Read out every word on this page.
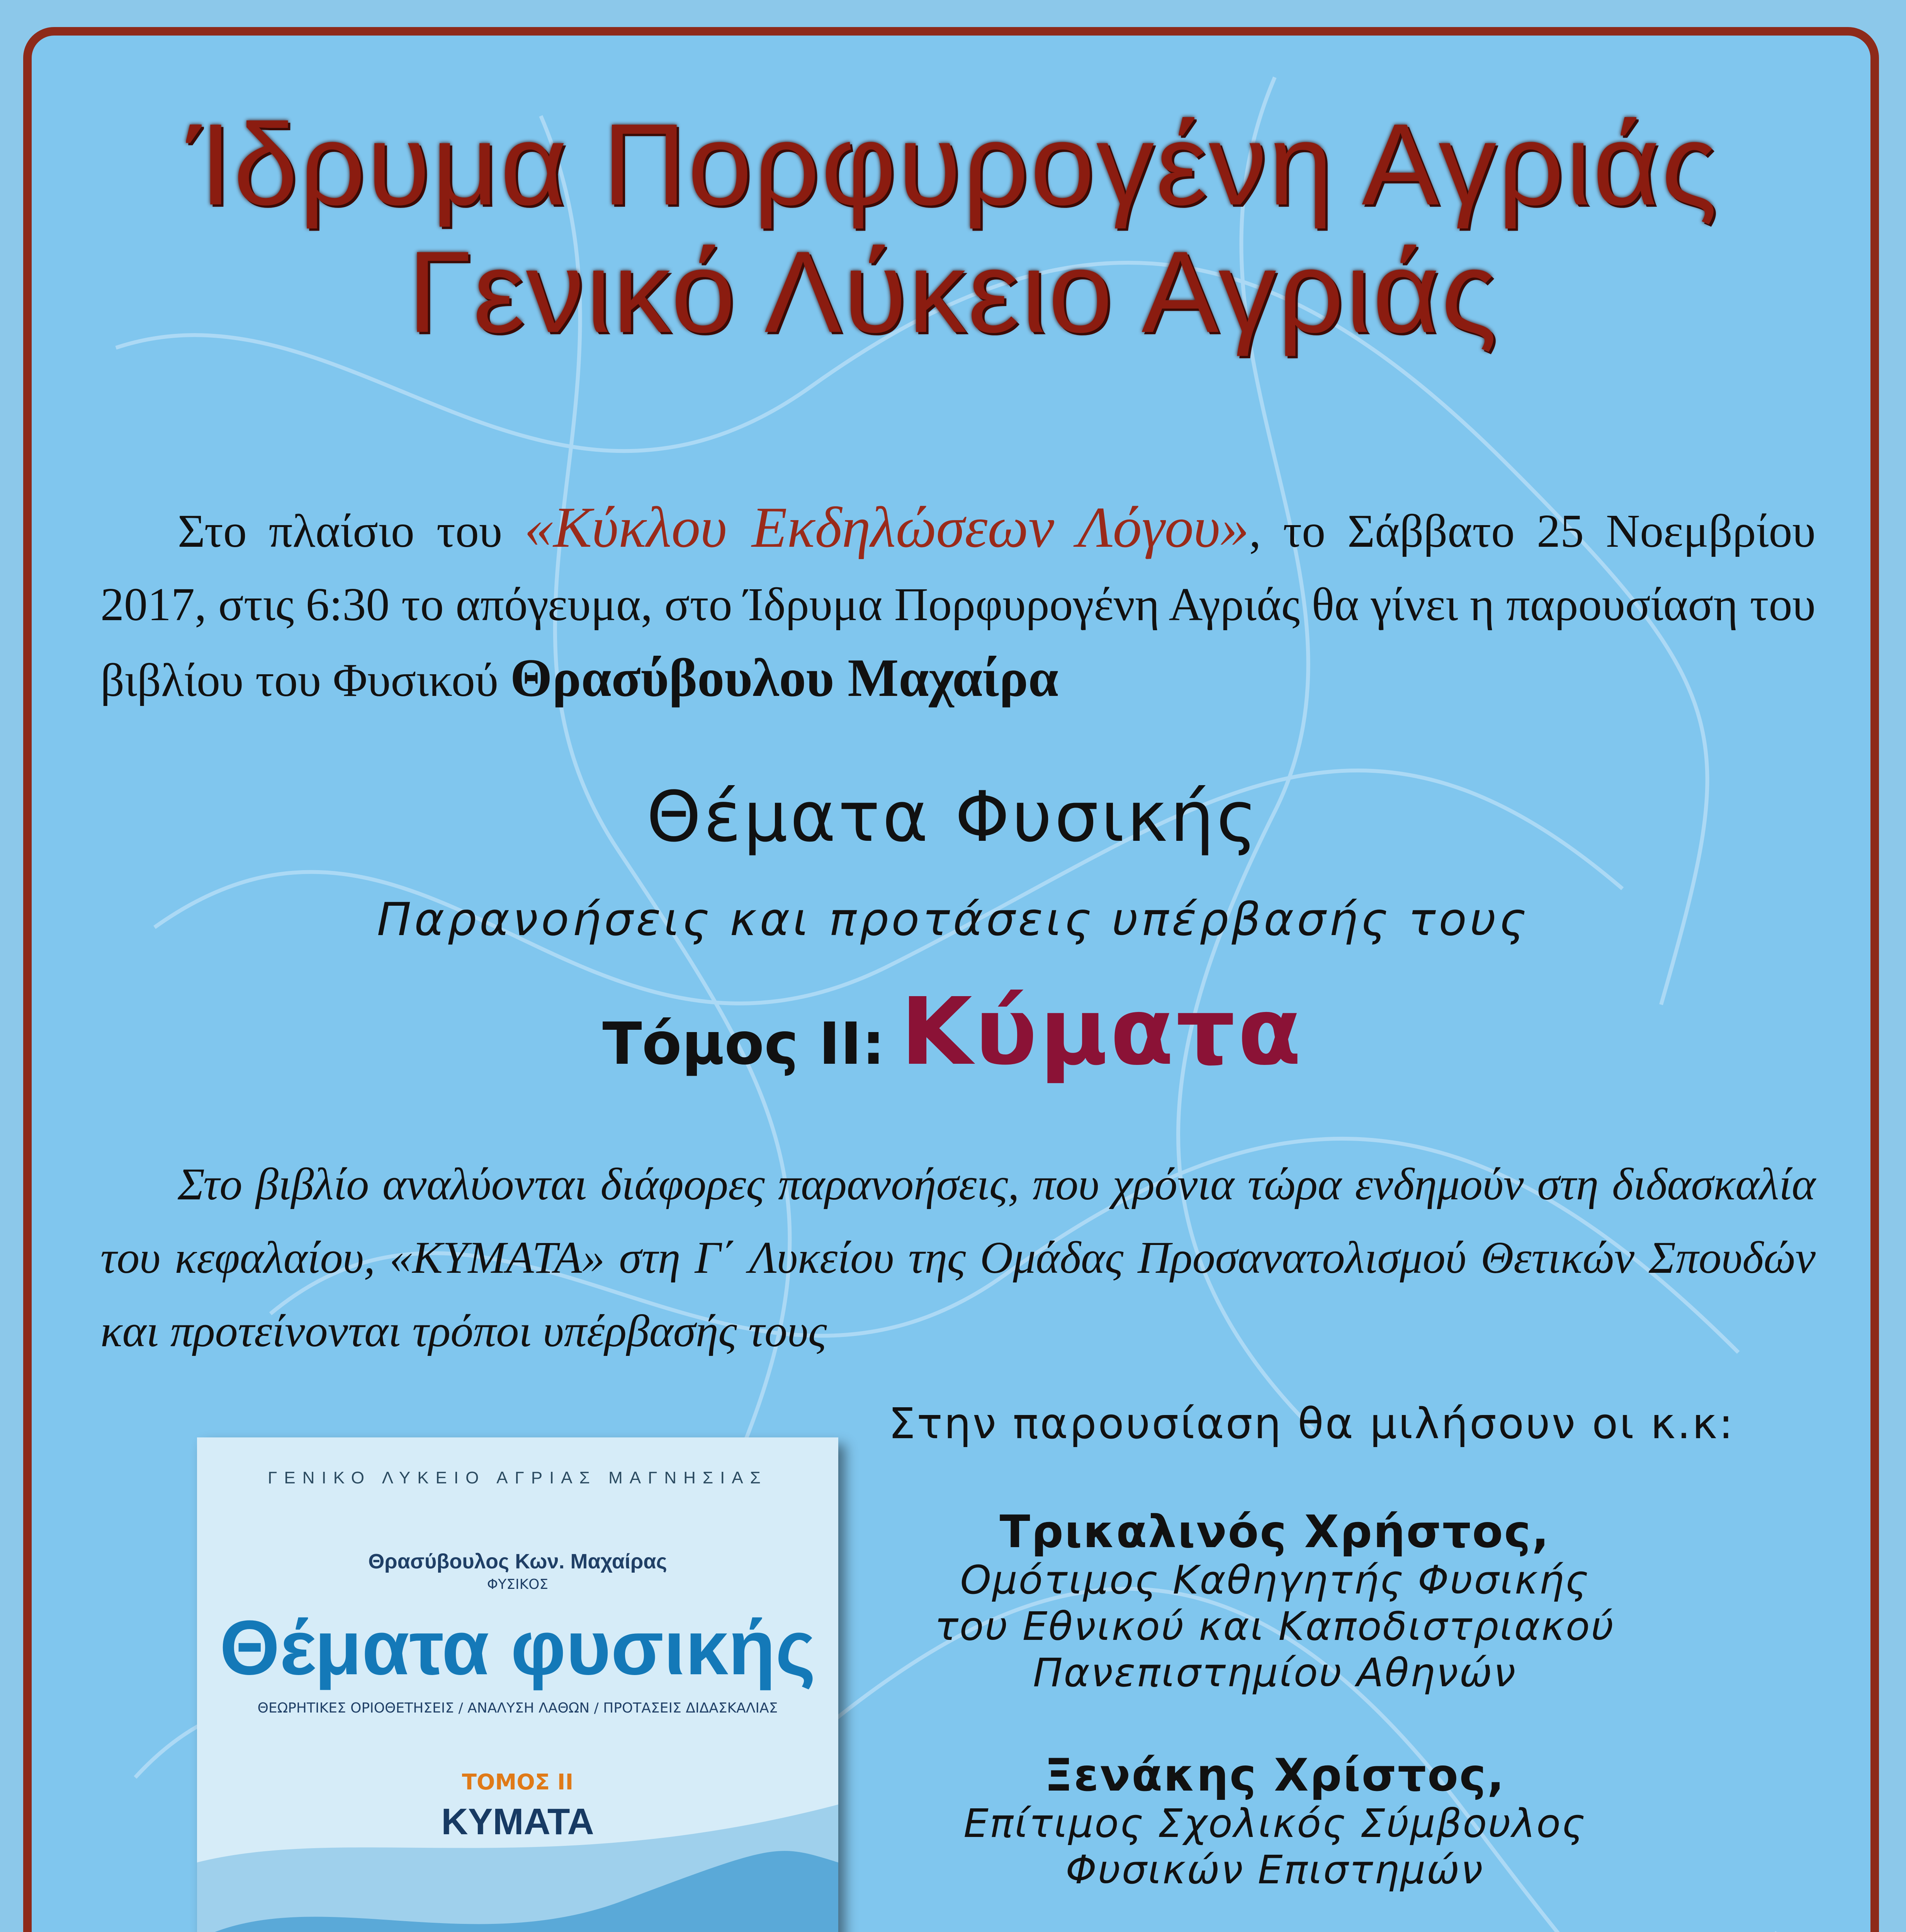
Ίδρυμα Πορφυρογένη Αγριάς
Γενικό Λύκειο Αγριάς
Στο πλαίσιο του «Κύκλου Εκδηλώσεων Λόγου», το Σάββατο 25 Νοεμβρίου 2017, στις 6:30 το απόγευμα, στο Ίδρυμα Πορφυρογένη Αγριάς θα γίνει η παρουσίαση του βιβλίου του Φυσικού Θρασύβουλου Μαχαίρα
Θέματα Φυσικής
Παρανοήσεις και προτάσεις υπέρβασής τους
Τόμος ΙΙ: Κύματα
Στο βιβλίο αναλύονται διάφορες παρανοήσεις, που χρόνια τώρα ενδημούν στη διδασκαλία του κεφαλαίου, «ΚΥΜΑΤΑ» στη Γ΄ Λυκείου της Ομάδας Προσανατολισμού Θετικών Σπουδών και προτείνονται τρόποι υπέρβασής τους
ΓΕΝΙΚΟ ΛΥΚΕΙΟ ΑΓΡΙΑΣ ΜΑΓΝΗΣΙΑΣ
Θρασύβουλος Κων. Μαχαίρας
ΦΥΣΙΚΟΣ
Θέματα φυσικής
ΘΕΩΡΗΤΙΚΕΣ ΟΡΙΟΘΕΤΗΣΕΙΣ / ΑΝΑΛΥΣΗ ΛΑΘΩΝ / ΠΡΟΤΑΣΕΙΣ ΔΙΔΑΣΚΑΛΙΑΣ
ΤΟΜΟΣ ΙΙ
ΚΥΜΑΤΑ
Στην παρουσίαση θα μιλήσουν οι κ.κ:
Τρικαλινός Χρήστος,
Ομότιμος Καθηγητής Φυσικής
του Εθνικού και Καποδιστριακού
Πανεπιστημίου Αθηνών
Ξενάκης Χρίστος,
Επίτιμος Σχολικός Σύμβουλος
Φυσικών Επιστημών
